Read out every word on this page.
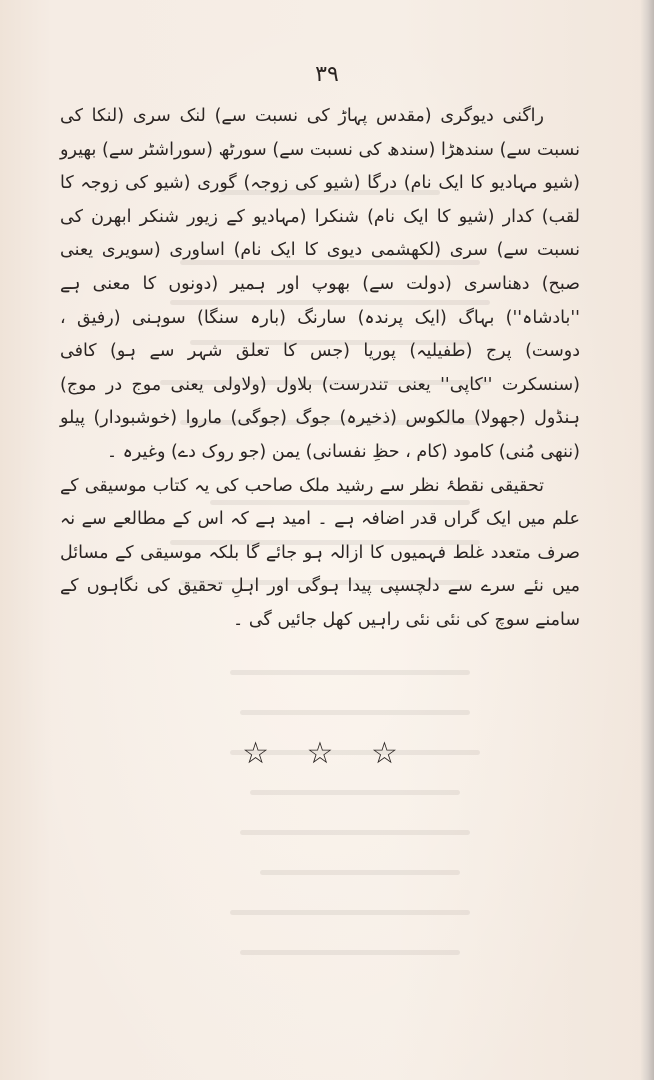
۳۹

راگنی دیوگری (مقدس پہاڑ کی نسبت سے) لنک سری (لنکا کی نسبت سے) سندھڑا (سندھ کی نسبت سے) سورٹھ (سوراشٹر سے) بھیرو (شیو مہادیو کا ایک نام) درگا (شیو کی زوجہ) گوری (شیو کی زوجہ کا لقب) کدار (شیو کا ایک نام) شنکرا (مہادیو کے زیور شنکر ابھرن کی نسبت سے) سری (لکھشمی دیوی کا ایک نام) اساوری (سویری یعنی صبح) دھناسری (دولت سے) بھوپ اور ہمیر (دونوں کا معنی ہے ''بادشاہ'') بہاگ (ایک پرندہ) سارنگ (بارہ سنگا) سوہنی (رفیق ، دوست) پرج (طفیلیہ) پوریا (جس کا تعلق شہر سے ہو) کافی (سنسکرت ''کاپی'' یعنی تندرست) بلاول (ولاولی یعنی موج در موج) ہنڈول (جھولا) مالکوس (ذخیرہ) جوگ (جوگی) ماروا (خوشبودار) پیلو (ننھی مُنی) کامود (کام ، حظِ نفسانی) یمن (جو روک دے) وغیرہ ۔

تحقیقی نقطۂ نظر سے رشید ملک صاحب کی یہ کتاب موسیقی کے علم میں ایک گراں قدر اضافہ ہے ۔ امید ہے کہ اس کے مطالعے سے نہ صرف متعدد غلط فہمیوں کا ازالہ ہو جائے گا بلکہ موسیقی کے مسائل میں نئے سرے سے دلچسپی پیدا ہوگی اور اہلِ تحقیق کی نگاہوں کے سامنے سوچ کی نئی نئی راہیں کھل جائیں گی ۔

☆ ☆ ☆
